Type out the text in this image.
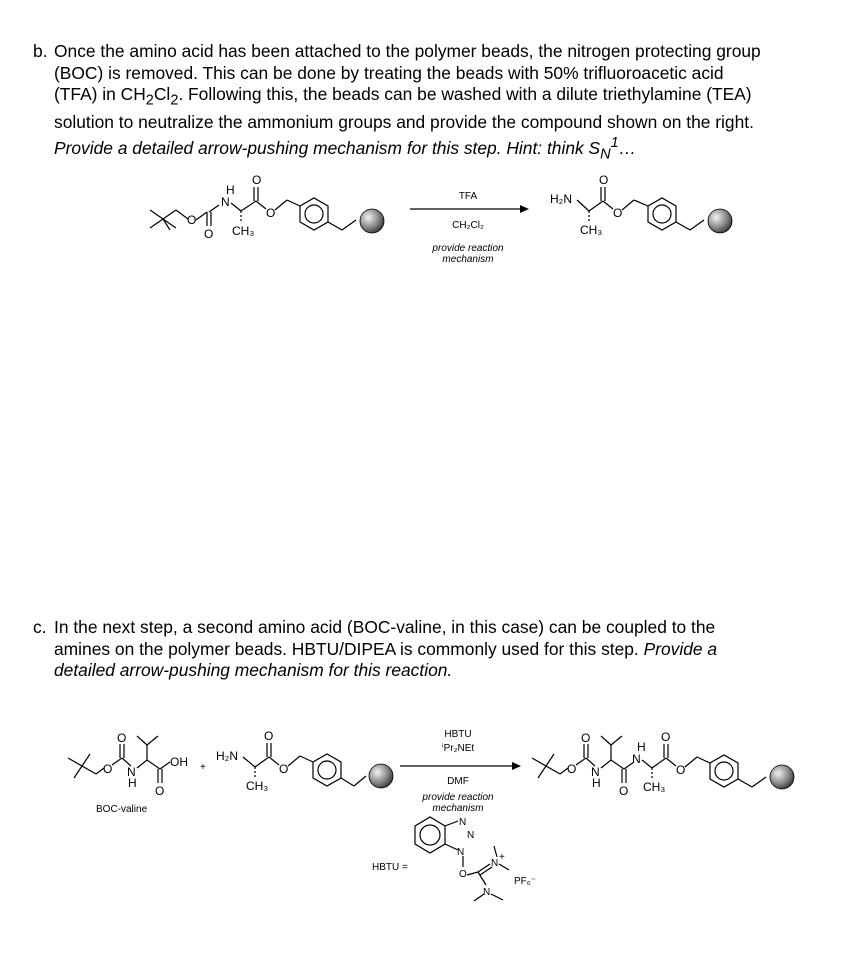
b. Once the amino acid has been attached to the polymer beads, the nitrogen protecting group
(BOC) is removed. This can be done by treating the beads with 50% trifluoroacetic acid
(TFA) in $CH_2Cl_2$. Following this, the beads can be washed with a dilute triethylamine (TEA)
solution to neutralize the ammonium groups and provide the compound shown on the right.
Provide a detailed arrow-pushing mechanism for this step. Hint: think $S_N^1\dots$
O
O
H
N
CH₃
O
O
TFA
CH₂Cl₂
provide reaction
mechanism
H₂N
CH₃
O
O
c. In the next step, a second amino acid (BOC-valine, in this case) can be coupled to the
amines on the polymer beads. HBTU/DIPEA is commonly used for this step. Provide a
detailed arrow-pushing mechanism for this reaction.
O
O
N
H
O
OH
BOC-valine
+
H₂N
CH₃
O
O
HBTU
ⁱPr₂NEt
DMF
provide reaction
mechanism
O
O
N
H
O
H
N
CH₃
O
O
HBTU =
N
N
N
O
N
+
N
PF₆⁻
